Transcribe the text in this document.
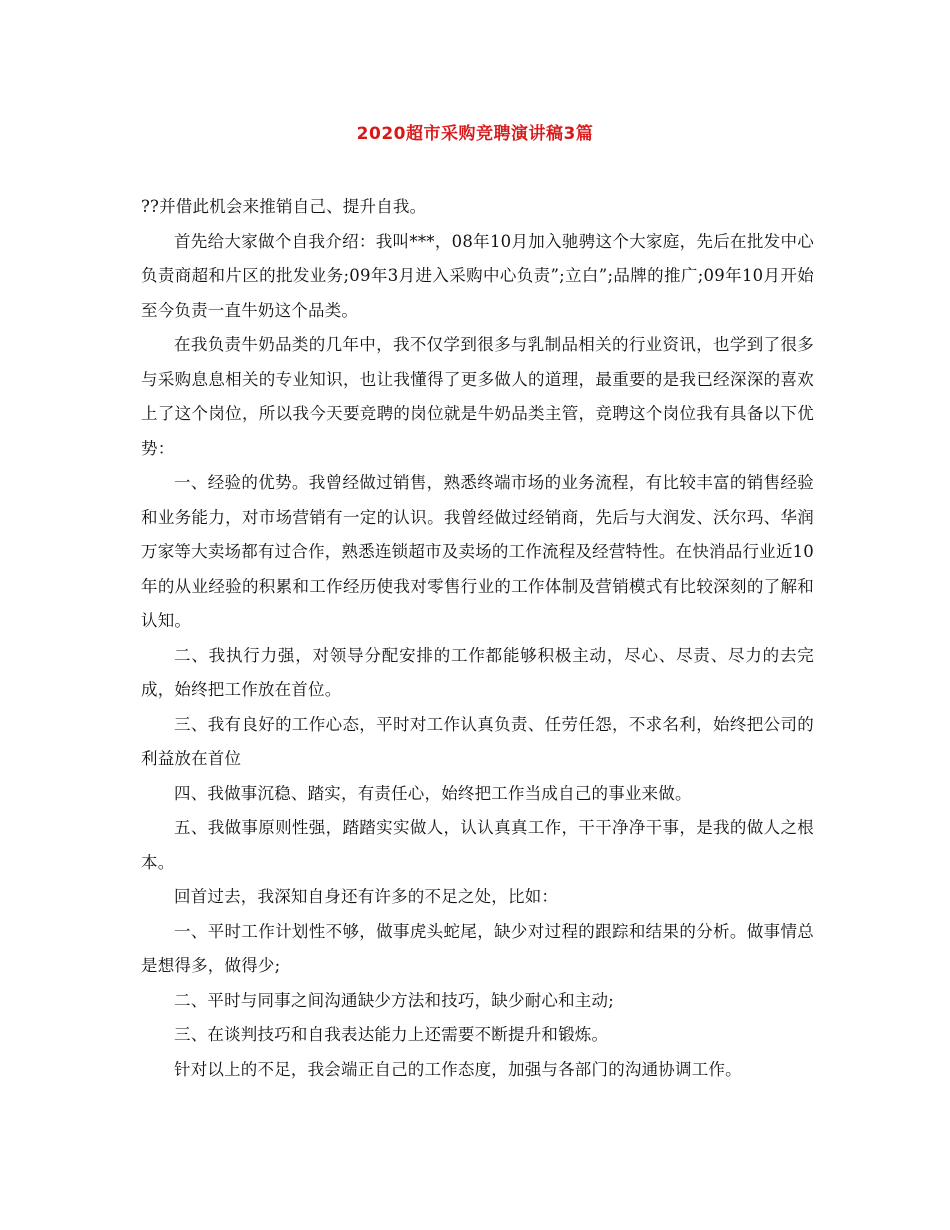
2020超市采购竞聘演讲稿3篇

??并借此机会来推销自己、提升自我。

首先给大家做个自我介绍：我叫***，08年10月加入驰骋这个大家庭，先后在批发中心负责商超和片区的批发业务;09年3月进入采购中心负责”;立白”;品牌的推广;09年10月开始至今负责一直牛奶这个品类。

在我负责牛奶品类的几年中，我不仅学到很多与乳制品相关的行业资讯，也学到了很多与采购息息相关的专业知识，也让我懂得了更多做人的道理，最重要的是我已经深深的喜欢上了这个岗位，所以我今天要竞聘的岗位就是牛奶品类主管，竞聘这个岗位我有具备以下优势：

一、经验的优势。我曾经做过销售，熟悉终端市场的业务流程，有比较丰富的销售经验和业务能力，对市场营销有一定的认识。我曾经做过经销商，先后与大润发、沃尔玛、华润万家等大卖场都有过合作，熟悉连锁超市及卖场的工作流程及经营特性。在快消品行业近10年的从业经验的积累和工作经历使我对零售行业的工作体制及营销模式有比较深刻的了解和认知。

二、我执行力强，对领导分配安排的工作都能够积极主动，尽心、尽责、尽力的去完成，始终把工作放在首位。

三、我有良好的工作心态，平时对工作认真负责、任劳任怨，不求名利，始终把公司的利益放在首位

四、我做事沉稳、踏实，有责任心，始终把工作当成自己的事业来做。

五、我做事原则性强，踏踏实实做人，认认真真工作，干干净净干事，是我的做人之根本。

回首过去，我深知自身还有许多的不足之处，比如：

一、平时工作计划性不够，做事虎头蛇尾，缺少对过程的跟踪和结果的分析。做事情总是想得多，做得少;

二、平时与同事之间沟通缺少方法和技巧，缺少耐心和主动;

三、在谈判技巧和自我表达能力上还需要不断提升和锻炼。

针对以上的不足，我会端正自己的工作态度，加强与各部门的沟通协调工作。
